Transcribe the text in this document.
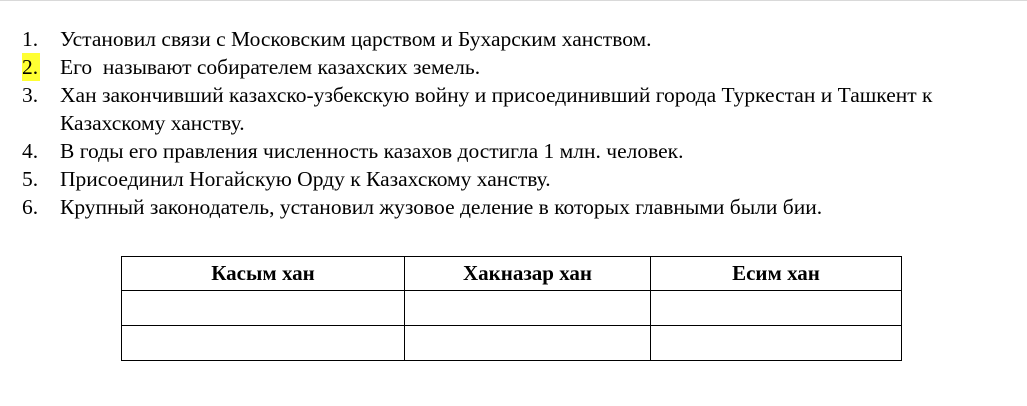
1.	Установил связи с Московским царством и Бухарским ханством.
2.	Его  называют собирателем казахских земель.
3.	Хан закончивший казахско-узбекскую войну и присоединивший города Туркестан и Ташкент к Казахскому ханству.
4.	В годы его правления численность казахов достигла 1 млн. человек.
5.	Присоединил Ногайскую Орду к Казахскому ханству.
6.	Крупный законодатель, установил жузовое деление в которых главными были бии.
Касым хан	Хакназар хан	Есим хан
